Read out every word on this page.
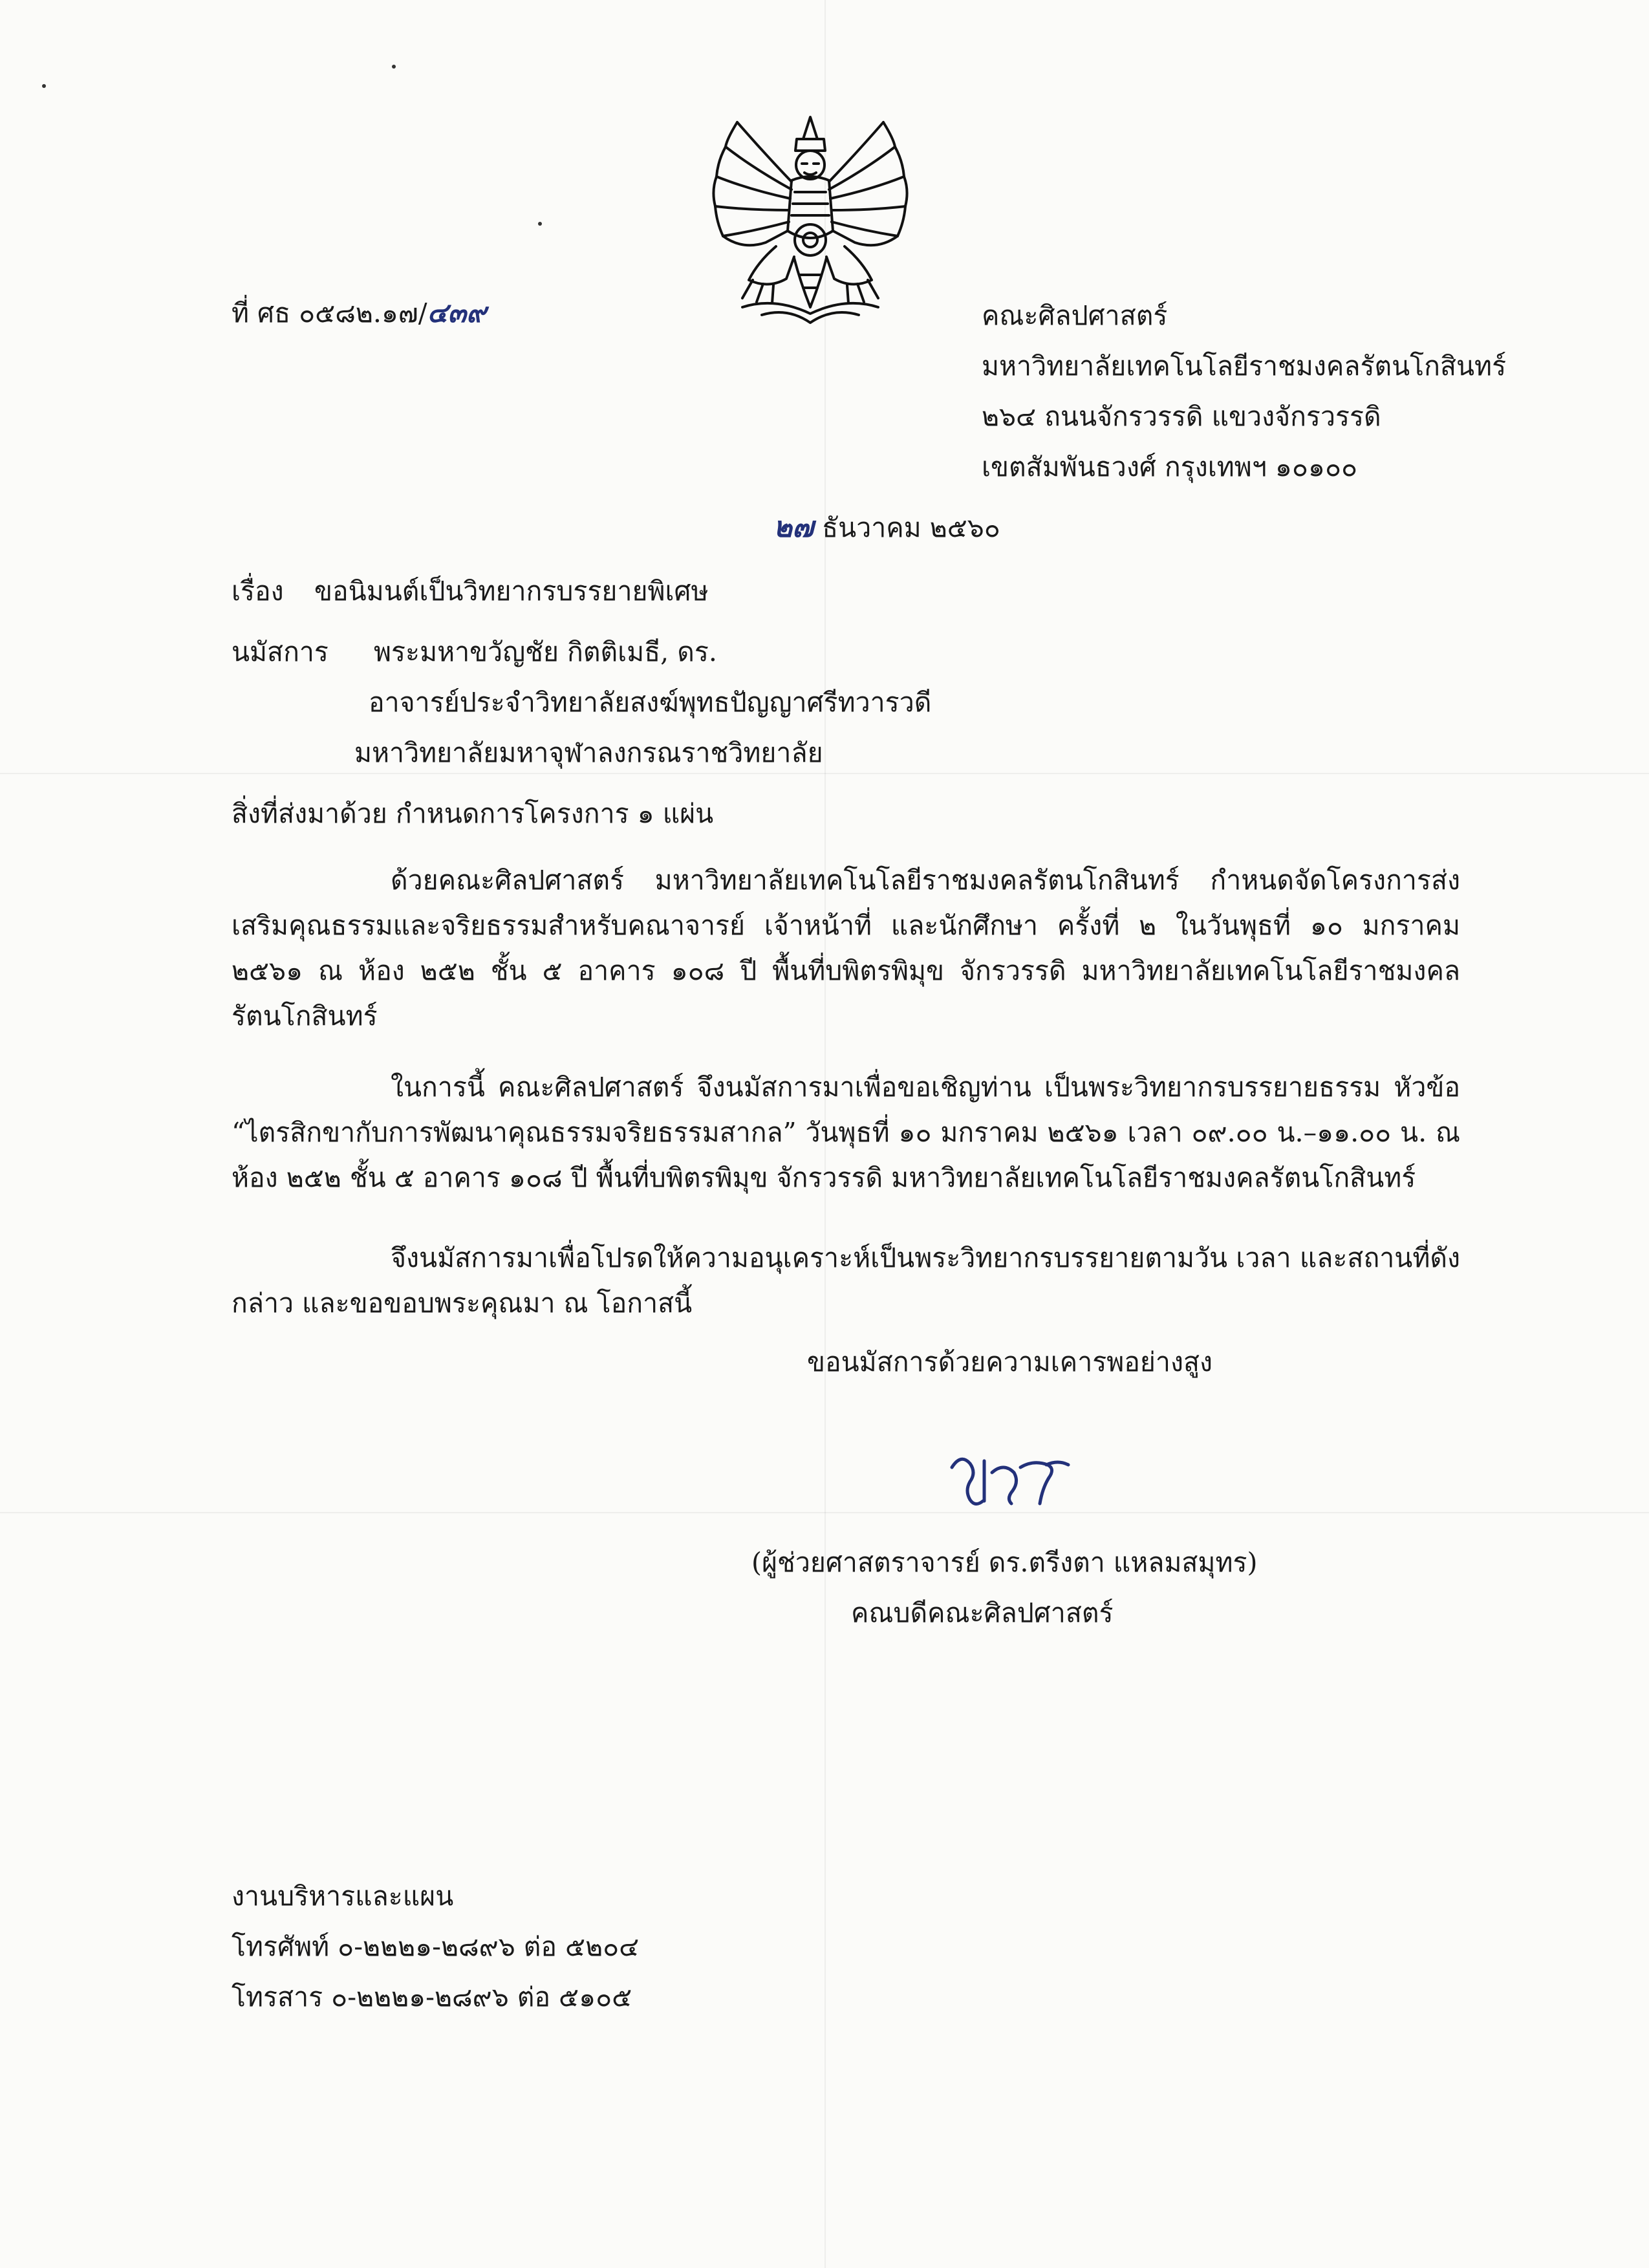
ที่ ศธ ๐๕๘๒.๑๗/๔๓๙	คณะศิลปศาสตร์
มหาวิทยาลัยเทคโนโลยีราชมงคลรัตนโกสินทร์
๒๖๔ ถนนจักรวรรดิ แขวงจักรวรรดิ
เขตสัมพันธวงศ์ กรุงเทพฯ ๑๐๑๐๐
๒๗ ธันวาคม ๒๕๖๐
เรื่อง ขอนิมนต์เป็นวิทยากรบรรยายพิเศษ
นมัสการ พระมหาขวัญชัย กิตติเมธี, ดร.
อาจารย์ประจำวิทยาลัยสงฆ์พุทธปัญญาศรีทวารวดี
มหาวิทยาลัยมหาจุฬาลงกรณราชวิทยาลัย
สิ่งที่ส่งมาด้วย กำหนดการโครงการ ๑ แผ่น
ด้วยคณะศิลปศาสตร์ มหาวิทยาลัยเทคโนโลยีราชมงคลรัตนโกสินทร์ กำหนดจัดโครงการส่งเสริมคุณธรรมและจริยธรรมสำหรับคณาจารย์ เจ้าหน้าที่ และนักศึกษา ครั้งที่ ๒ ในวันพุธที่ ๑๐ มกราคม ๒๕๖๑ ณ ห้อง ๒๕๒ ชั้น ๕ อาคาร ๑๐๘ ปี พื้นที่บพิตรพิมุข จักรวรรดิ มหาวิทยาลัยเทคโนโลยีราชมงคลรัตนโกสินทร์
ในการนี้ คณะศิลปศาสตร์ จึงนมัสการมาเพื่อขอเชิญท่าน เป็นพระวิทยากรบรรยายธรรม หัวข้อ “ไตรสิกขากับการพัฒนาคุณธรรมจริยธรรมสากล” วันพุธที่ ๑๐ มกราคม ๒๕๖๑ เวลา ๐๙.๐๐ น.–๑๑.๐๐ น. ณ ห้อง ๒๕๒ ชั้น ๕ อาคาร ๑๐๘ ปี พื้นที่บพิตรพิมุข จักรวรรดิ มหาวิทยาลัยเทคโนโลยีราชมงคลรัตนโกสินทร์
จึงนมัสการมาเพื่อโปรดให้ความอนุเคราะห์เป็นพระวิทยากรบรรยายตามวัน เวลา และสถานที่ดังกล่าว และขอขอบพระคุณมา ณ โอกาสนี้
ขอนมัสการด้วยความเคารพอย่างสูง
(ผู้ช่วยศาสตราจารย์ ดร.ตรีงตา แหลมสมุทร)
คณบดีคณะศิลปศาสตร์
งานบริหารและแผน
โทรศัพท์ ๐-๒๒๒๑-๒๘๙๖ ต่อ ๕๒๐๔
โทรสาร ๐-๒๒๒๑-๒๘๙๖ ต่อ ๕๑๐๕
